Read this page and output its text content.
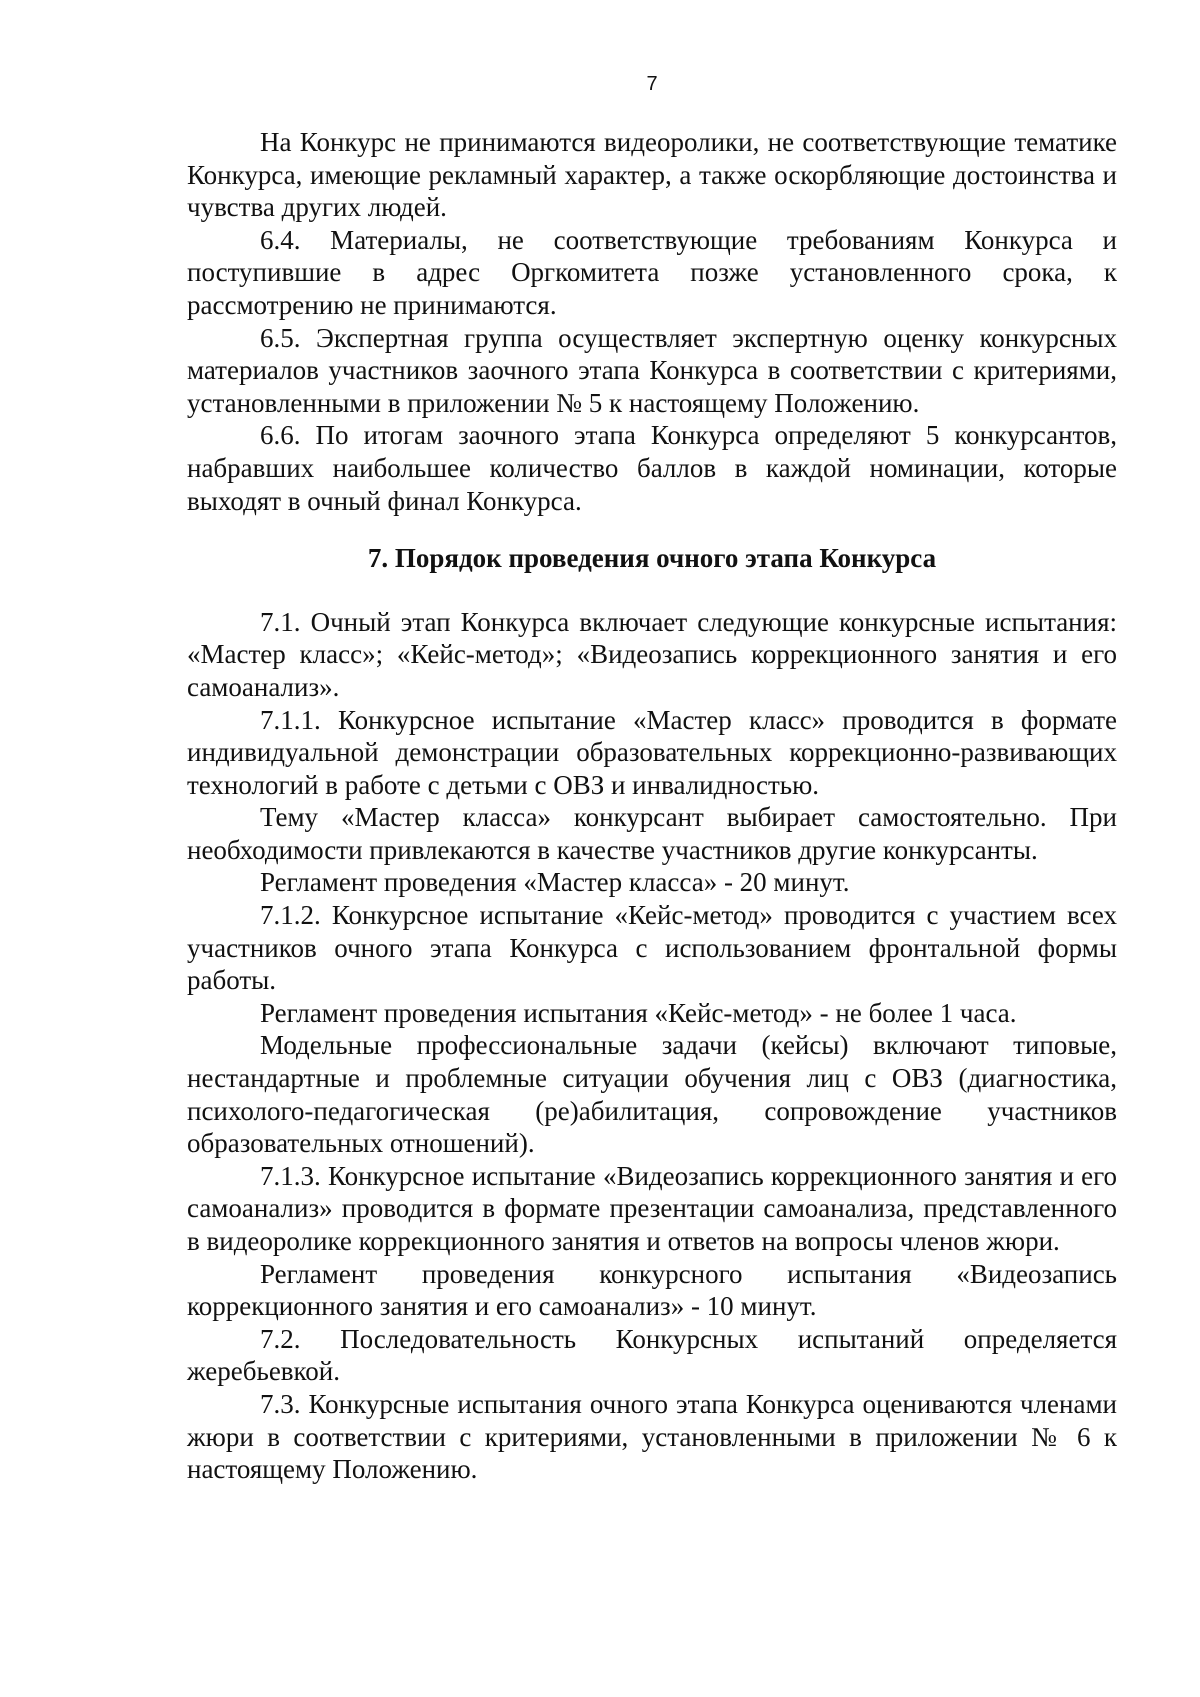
7

На Конкурс не принимаются видеоролики, не соответствующие тематике Конкурса, имеющие рекламный характер, а также оскорбляющие достоинства и чувства других людей.

6.4. Материалы, не соответствующие требованиям Конкурса и поступившие в адрес Оргкомитета позже установленного срока, к рассмотрению не принимаются.

6.5. Экспертная группа осуществляет экспертную оценку конкурсных материалов участников заочного этапа Конкурса в соответствии с критериями, установленными в приложении № 5 к настоящему Положению.

6.6. По итогам заочного этапа Конкурса определяют 5 конкурсантов, набравших наибольшее количество баллов в каждой номинации, которые выходят в очный финал Конкурса.

7. Порядок проведения очного этапа Конкурса

7.1. Очный этап Конкурса включает следующие конкурсные испытания: «Мастер класс»; «Кейс-метод»; «Видеозапись коррекционного занятия и его самоанализ».

7.1.1. Конкурсное испытание «Мастер класс» проводится в формате индивидуальной демонстрации образовательных коррекционно-развивающих технологий в работе с детьми с ОВЗ и инвалидностью.

Тему «Мастер класса» конкурсант выбирает самостоятельно. При необходимости привлекаются в качестве участников другие конкурсанты.

Регламент проведения «Мастер класса» - 20 минут.

7.1.2. Конкурсное испытание «Кейс-метод» проводится с участием всех участников очного этапа Конкурса с использованием фронтальной формы работы.

Регламент проведения испытания «Кейс-метод» - не более 1 часа.

Модельные профессиональные задачи (кейсы) включают типовые, нестандартные и проблемные ситуации обучения лиц с ОВЗ (диагностика, психолого-педагогическая (ре)абилитация, сопровождение участников образовательных отношений).

7.1.3. Конкурсное испытание «Видеозапись коррекционного занятия и его самоанализ» проводится в формате презентации самоанализа, представленного в видеоролике коррекционного занятия и ответов на вопросы членов жюри.

Регламент проведения конкурсного испытания «Видеозапись коррекционного занятия и его самоанализ» - 10 минут.

7.2. Последовательность Конкурсных испытаний определяется жеребьевкой.

7.3. Конкурсные испытания очного этапа Конкурса оцениваются членами жюри в соответствии с критериями, установленными в приложении № 6 к настоящему Положению.
